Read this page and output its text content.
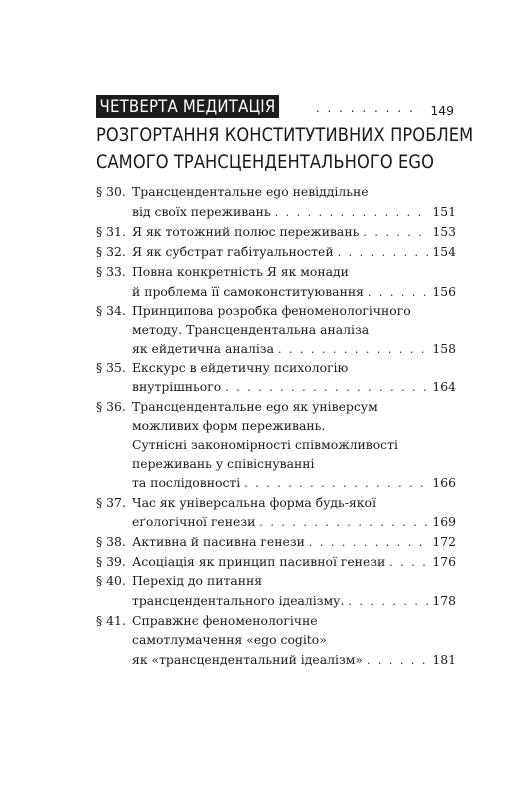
ЧЕТВЕРТА МЕДИТАЦІЯ . . .	149
РОЗГОРТАННЯ КОНСТИТУТИВНИХ ПРОБЛЕМ
САМОГО ТРАНСЦЕНДЕНТАЛЬНОГО EGO
§ 30. Трансцендентальне ego невіддільне
від своїх переживань . . .	151
§ 31. Я як тотожний полюс переживань . . .	153
§ 32. Я як субстрат габітуальностей . . .	154
§ 33. Повна конкретність Я як монади
й проблема її самоконституювання . . .	156
§ 34. Принципова розробка феноменологічного
методу. Трансцендентальна аналіза
як ейдетична аналіза . . .	158
§ 35. Екскурс в ейдетичну психологію
внутрішнього . . .	164
§ 36. Трансцендентальне ego як універсум
можливих форм переживань.
Сутнісні закономірності співможливості
переживань у співіснуванні
та послідовності . . .	166
§ 37. Час як універсальна форма будь-якої
еґологічної генези . . .	169
§ 38. Активна й пасивна генези . . .	172
§ 39. Асоціація як принцип пасивної генези . . .	176
§ 40. Перехід до питання
трансцендентального ідеалізму. . . .	178
§ 41. Справжнє феноменологічне
самотлумачення «ego cogito»
як «трансцендентальний ідеалізм» . . .	181
